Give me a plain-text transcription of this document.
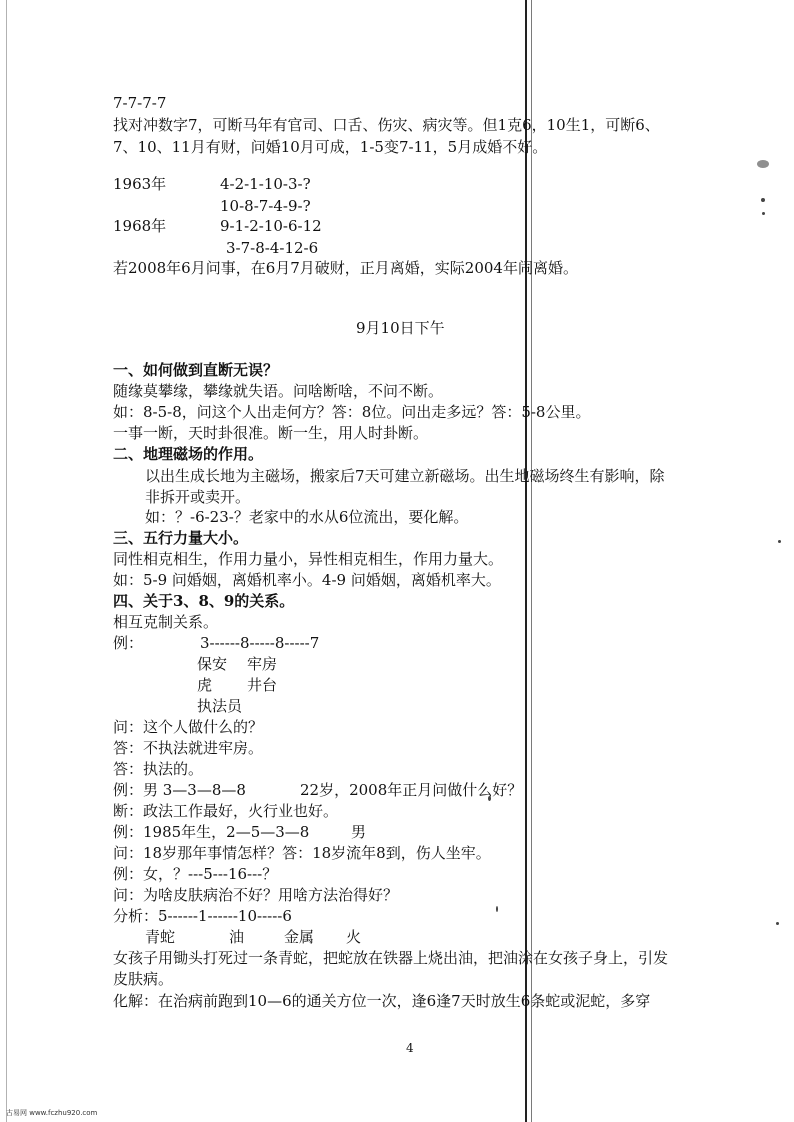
7-7-7-7
找对冲数字7，可断马年有官司、口舌、伤灾、病灾等。但1克6，10生1，可断6、
7、10、11月有财，问婚10月可成，1-5变7-11，5月成婚不好。
1963年	4-2-1-10-3-?
10-8-7-4-9-?
1968年	9-1-2-10-6-12
3-7-8-4-12-6
若2008年6月问事，在6月7月破财，正月离婚，实际2004年闹离婚。
9月10日下午
一、如何做到直断无误？
随缘莫攀缘，攀缘就失语。问啥断啥，不问不断。
如：8-5-8，问这个人出走何方？答：8位。问出走多远？答：5-8公里。
一事一断，天时卦很准。断一生，用人时卦断。
二、地理磁场的作用。
以出生成长地为主磁场，搬家后7天可建立新磁场。出生地磁场终生有影响，除
非拆开或卖开。
如：？-6-23-？老家中的水从6位流出，要化解。
三、五行力量大小。
同性相克相生，作用力量小，异性相克相生，作用力量大。
如：5-9 问婚姻，离婚机率小。4-9 问婚姻，离婚机率大。
四、关于3、8、9的关系。
相互克制关系。
例：	3------8-----8-----7
保安 牢房
虎 井台
执法员
问：这个人做什么的？
答：不执法就进牢房。
答：执法的。
例：男 3—3—8—8	22岁，2008年正月问做什么好？
断：政法工作最好，火行业也好。
例：1985年生，2—5—3—8	男
问：18岁那年事情怎样？答：18岁流年8到，伤人坐牢。
例：女，？---5---16---？
问：为啥皮肤病治不好？用啥方法治得好？
分析：5------1------10-----6
青蛇	油	金属 火
女孩子用锄头打死过一条青蛇，把蛇放在铁器上烧出油，把油涂在女孩子身上，引发
皮肤病。
化解：在治病前跑到10—6的通关方位一次，逢6逢7天时放生6条蛇或泥蛇，多穿
4
古易网 www.fczhu920.com
